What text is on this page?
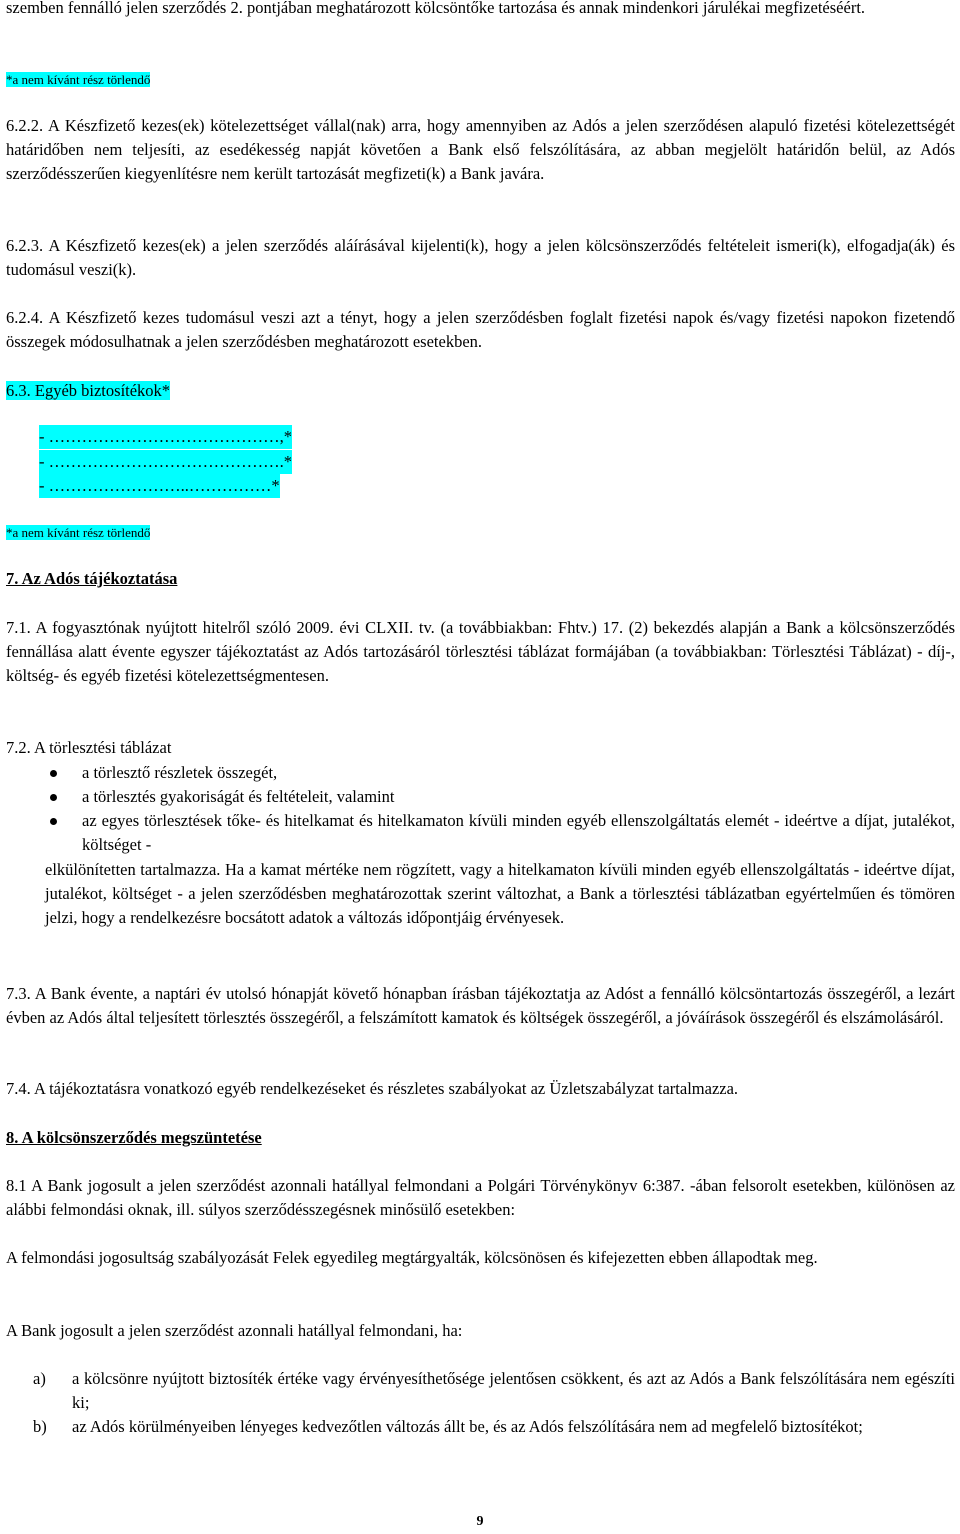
szemben fennálló jelen szerződés 2. pontjában meghatározott kölcsöntőke tartozása és annak mindenkori járulékai megfizetéséért.

*a nem kívánt rész törlendő

6.2.2. A Készfizető kezes(ek) kötelezettséget vállal(nak) arra, hogy amennyiben az Adós a jelen szerződésen alapuló fizetési kötelezettségét határidőben nem teljesíti, az esedékesség napját követően a Bank első felszólítására, az abban megjelölt határidőn belül, az Adós szerződésszerűen kiegyenlítésre nem került tartozását megfizeti(k) a Bank javára.

6.2.3. A Készfizető kezes(ek) a jelen szerződés aláírásával kijelenti(k), hogy a jelen kölcsönszerződés feltételeit ismeri(k), elfogadja(ák) és tudomásul veszi(k).

6.2.4. A Készfizető kezes tudomásul veszi azt a tényt, hogy a jelen szerződésben foglalt fizetési napok és/vagy fizetési napokon fizetendő összegek módosulhatnak a jelen szerződésben meghatározott esetekben.

6.3. Egyéb biztosítékok*

- ……………………………………,*
- …………………………………….*
- ……………………..……………*

*a nem kívánt rész törlendő

7. Az Adós tájékoztatása

7.1. A fogyasztónak nyújtott hitelről szóló 2009. évi CLXII. tv. (a továbbiakban: Fhtv.) 17. (2) bekezdés alapján a Bank a kölcsönszerződés fennállása alatt évente egyszer tájékoztatást az Adós tartozásáról törlesztési táblázat formájában (a továbbiakban: Törlesztési Táblázat) - díj-, költség- és egyéb fizetési kötelezettségmentesen.

7.2. A törlesztési táblázat

a törlesztő részletek összegét,
a törlesztés gyakoriságát és feltételeit, valamint
az egyes törlesztések tőke- és hitelkamat és hitelkamaton kívüli minden egyéb ellenszolgáltatás elemét - ideértve a díjat, jutalékot, költséget -

elkülönítetten tartalmazza. Ha a kamat mértéke nem rögzített, vagy a hitelkamaton kívüli minden egyéb ellenszolgáltatás - ideértve díjat, jutalékot, költséget - a jelen szerződésben meghatározottak szerint változhat, a Bank a törlesztési táblázatban egyértelműen és tömören jelzi, hogy a rendelkezésre bocsátott adatok a változás időpontjáig érvényesek.

7.3. A Bank évente, a naptári év utolsó hónapját követő hónapban írásban tájékoztatja az Adóst a fennálló kölcsöntartozás összegéről, a lezárt évben az Adós által teljesített törlesztés összegéről, a felszámított kamatok és költségek összegéről, a jóváírások összegéről és elszámolásáról.

7.4. A tájékoztatásra vonatkozó egyéb rendelkezéseket és részletes szabályokat az Üzletszabályzat tartalmazza.

8. A kölcsönszerződés megszüntetése

8.1 A Bank jogosult a jelen szerződést azonnali hatállyal felmondani a Polgári Törvénykönyv 6:387. -ában felsorolt esetekben, különösen az alábbi felmondási oknak, ill. súlyos szerződésszegésnek minősülő esetekben:

A felmondási jogosultság szabályozását Felek egyedileg megtárgyalták, kölcsönösen és kifejezetten ebben állapodtak meg.

A Bank jogosult a jelen szerződést azonnali hatállyal felmondani, ha:

a) a kölcsönre nyújtott biztosíték értéke vagy érvényesíthetősége jelentősen csökkent, és azt az Adós a Bank felszólítására nem egészíti ki;
b) az Adós körülményeiben lényeges kedvezőtlen változás állt be, és az Adós felszólítására nem ad megfelelő biztosítékot;
9
